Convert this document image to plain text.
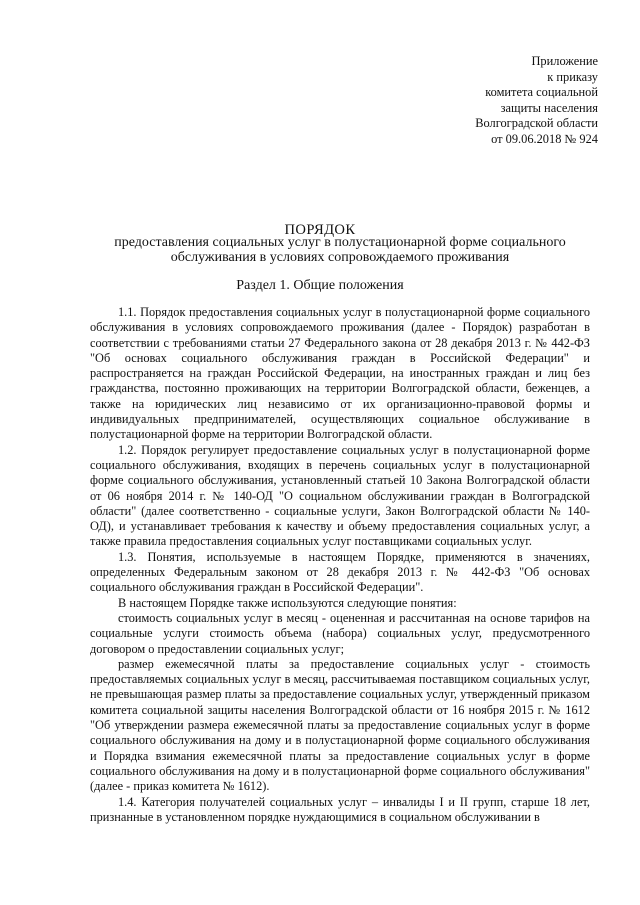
Приложение
к приказу
комитета социальной
защиты населения
Волгоградской области
от 09.06.2018 № 924
ПОРЯДОК
предоставления социальных услуг в полустационарной форме социального обслуживания в условиях сопровождаемого проживания
Раздел 1. Общие положения

1.1. Порядок предоставления социальных услуг в полустационарной форме социального обслуживания в условиях сопровождаемого проживания (далее - Порядок) разработан в соответствии с требованиями статьи 27 Федерального закона от 28 декабря 2013 г. № 442-ФЗ "Об основах социального обслуживания граждан в Российской Федерации" и распространяется на граждан Российской Федерации, на иностранных граждан и лиц без гражданства, постоянно проживающих на территории Волгоградской области, беженцев, а также на юридических лиц независимо от их организационно-правовой формы и индивидуальных предпринимателей, осуществляющих социальное обслуживание в полустационарной форме на территории Волгоградской области.

1.2. Порядок регулирует предоставление социальных услуг в полустационарной форме социального обслуживания, входящих в перечень социальных услуг в полустационарной форме социального обслуживания, установленный статьей 10 Закона Волгоградской области от 06 ноября 2014 г. № 140-ОД "О социальном обслуживании граждан в Волгоградской области" (далее соответственно - социальные услуги, Закон Волгоградской области № 140-ОД), и устанавливает требования к качеству и объему предоставления социальных услуг, а также правила предоставления социальных услуг поставщиками социальных услуг.

1.3. Понятия, используемые в настоящем Порядке, применяются в значениях, определенных Федеральным законом от 28 декабря 2013 г. № 442-ФЗ "Об основах социального обслуживания граждан в Российской Федерации".

В настоящем Порядке также используются следующие понятия:

стоимость социальных услуг в месяц - оцененная и рассчитанная на основе тарифов на социальные услуги стоимость объема (набора) социальных услуг, предусмотренного договором о предоставлении социальных услуг;

размер ежемесячной платы за предоставление социальных услуг - стоимость предоставляемых социальных услуг в месяц, рассчитываемая поставщиком социальных услуг, не превышающая размер платы за предоставление социальных услуг, утвержденный приказом комитета социальной защиты населения Волгоградской области от 16 ноября 2015 г. № 1612 "Об утверждении размера ежемесячной платы за предоставление социальных услуг в форме социального обслуживания на дому и в полустационарной форме социального обслуживания и Порядка взимания ежемесячной платы за предоставление социальных услуг в форме социального обслуживания на дому и в полустационарной форме социального обслуживания" (далее - приказ комитета № 1612).

1.4. Категория получателей социальных услуг – инвалиды I и II групп, старше 18 лет, признанные в установленном порядке нуждающимися в социальном обслуживании в
